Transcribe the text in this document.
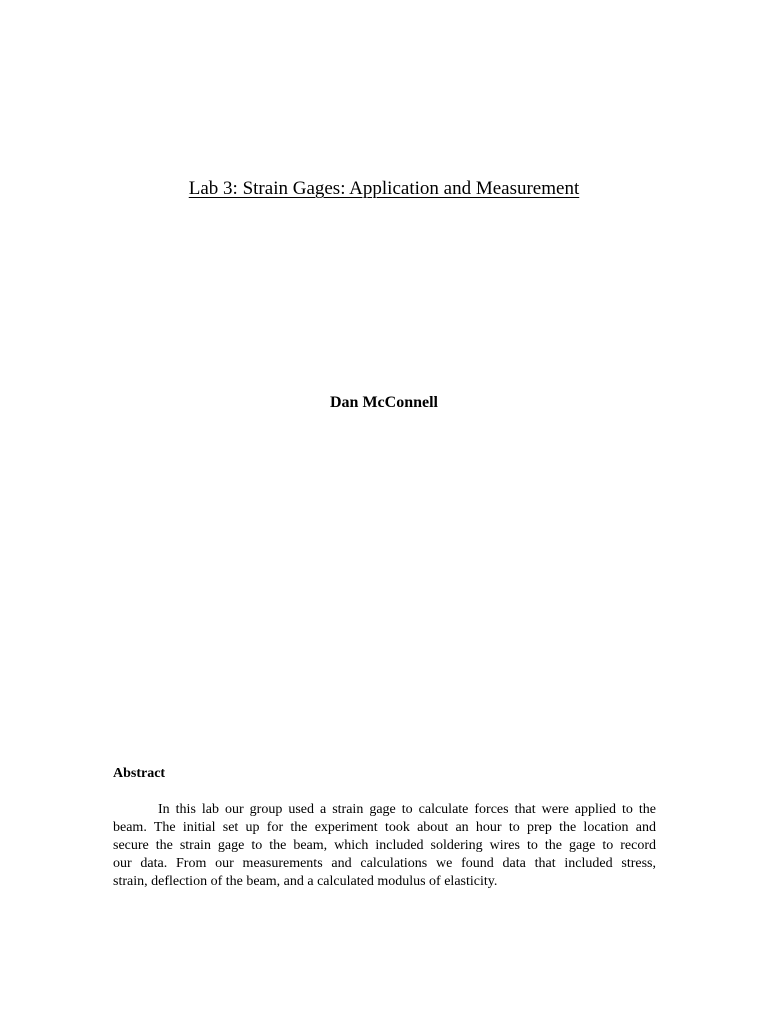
Lab 3: Strain Gages: Application and Measurement

Dan McConnell

Abstract

In this lab our group used a strain gage to calculate forces that were applied to the
beam. The initial set up for the experiment took about an hour to prep the location and
secure the strain gage to the beam, which included soldering wires to the gage to record
our data. From our measurements and calculations we found data that included stress,
strain, deflection of the beam, and a calculated modulus of elasticity.
